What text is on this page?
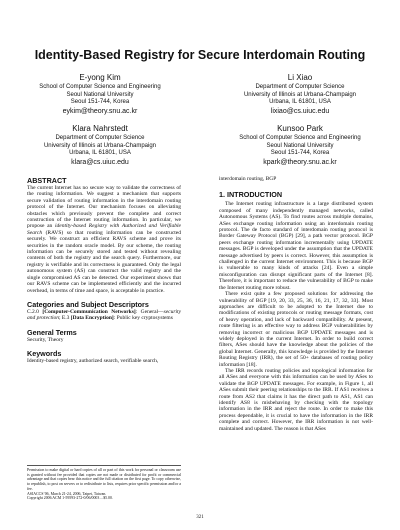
Identity-Based Registry for Secure Interdomain Routing
E-yong Kim
School of Computer Science and Engineering
Seoul National University
Seoul 151-744, Korea
eykim@theory.snu.ac.kr
Li Xiao
Department of Computer Science
University of Illinois at Urbana-Champaign
Urbana, IL 61801, USA
lixiao@cs.uiuc.edu
Klara Nahrstedt
Department of Computer Science
University of Illinois at Urbana-Champaign
Urbana, IL 61801, USA
klara@cs.uiuc.edu
Kunsoo Park
School of Computer Science and Engineering
Seoul National University
Seoul 151-744, Korea
kpark@theory.snu.ac.kr
ABSTRACT

The current Internet has no secure way to validate the correctness of the routing information. We suggest a mechanism that supports secure validation of routing information in the interdomain routing protocol of the Internet. Our mechanism focuses on alleviating obstacles which previously prevent the complete and correct construction of the Internet routing information. In particular, we propose an identity-based Registry with Authorized and Verifiable Search (RAVS) so that routing information can be constructed securely. We construct an efficient RAVS scheme and prove its securities in the random oracle model. By our scheme, the routing information can be securely stored and tested without revealing contents of both the registry and the search query. Furthermore, our registry is verifiable and its correctness is guaranteed. Only the legal autonomous system (AS) can construct the valid registry and the single compromised AS can be detected. Our experiment shows that our RAVS scheme can be implemented efficiently and the incurred overhead, in terms of time and space, is acceptable in practice.

Categories and Subject Descriptors

C.2.0 [Computer-Communication Networks]: General—security and protection; E.3 [Data Encryption]: Public key cryptosystems

General Terms
Security, Theory
Keywords
Identity-based registry, authorized search, verifiable search,
Permission to make digital or hard copies of all or part of this work for personal or classroom use is granted without fee provided that copies are not made or distributed for profit or commercial advantage and that copies bear this notice and the full citation on the first page. To copy otherwise, to republish, to post on servers or to redistribute to lists, requires prior specific permission and/or a fee.
ASIACCS’06, March 21-24, 2006, Taipei, Taiwan.
Copyright 2006 ACM 1-59593-272-0/06/0003 ...$5.00.
interdomain routing, BGP
1. INTRODUCTION

The Internet routing infrastructure is a large distributed system composed of many independently managed networks, called Autonomous Systems (AS). To find routes across multiple domains, ASes exchange routing information using an interdomain routing protocol. The de facto standard of interdomain routing protocol is Border Gateway Protocol (BGP) [29], a path vector protocol. BGP peers exchange routing information incrementally using UPDATE messages. BGP is developed under the assumption that the UPDATE message advertised by peers is correct. However, this assumption is challenged in the current Internet environment. This is because BGP is vulnerable to many kinds of attacks [24]. Even a simple misconfiguration can disrupt significant parts of the Internet [8]. Therefore, it is important to reduce the vulnerability of BGP to make the Internet routing more robust.

There exist quite a few proposed solutions for addressing the vulnerability of BGP [19, 20, 33, 25, 36, 16, 21, 17, 32, 33]. Most approaches are difficult to be adopted to the Internet due to modifications of existing protocols or routing message formats, cost of heavy operation, and lack of backward compatibility. At present, route filtering is an effective way to address BGP vulnerabilities by removing incorrect or malicious BGP UPDATE messages and is widely deployed in the current Internet. In order to build correct filters, ASes should have the knowledge about the policies of the global Internet. Generally, this knowledge is provided by the Internet Routing Registry (IRR), the set of 50+ databases of routing policy information [18].

The IRR records routing policies and topological information for all ASes and everyone with this information can be used by ASes to validate the BGP UPDATE messages. For example, in Figure 1, all ASes submit their peering relationships to the IRR. If AS1 receives a route from AS2 that claims it has the direct path to AS1, AS1 can identify AS8 is misbehaving by checking with the topology information in the IRR and reject the route. In order to make this process dependable, it is crucial to have the information in the IRR complete and correct. However, the IRR information is not well-maintained and updated. The reason is that ASes

321
